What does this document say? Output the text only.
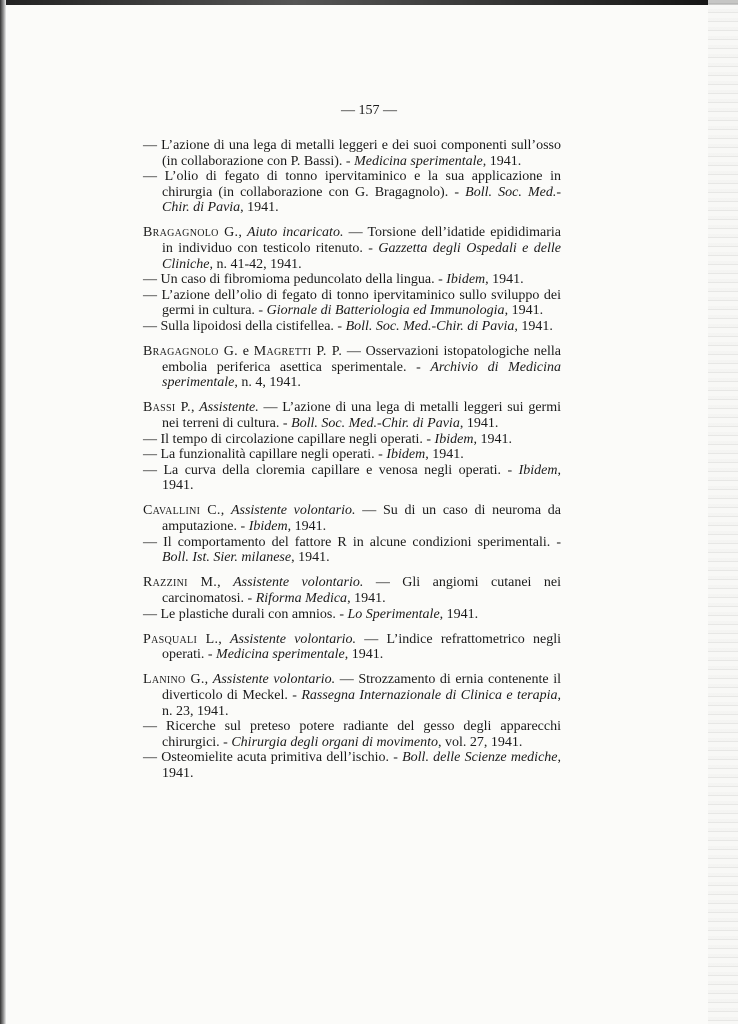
— 157 —
— L’azione di una lega di metalli leggeri e dei suoi componenti sull’osso (in collaborazione con P. Bassi). - Medicina sperimentale, 1941.
— L’olio di fegato di tonno ipervitaminico e la sua applicazione in chirurgia (in collaborazione con G. Bragagnolo). - Boll. Soc. Med.-Chir. di Pavia, 1941.
Bragagnolo G., Aiuto incaricato. — Torsione dell’idatide epididimaria in individuo con testicolo ritenuto. - Gazzetta degli Ospedali e delle Cliniche, n. 41-42, 1941.
— Un caso di fibromioma peduncolato della lingua. - Ibidem, 1941.
— L’azione dell’olio di fegato di tonno ipervitaminico sullo sviluppo dei germi in cultura. - Giornale di Batteriologia ed Immunologia, 1941.
— Sulla lipoidosi della cistifellea. - Boll. Soc. Med.-Chir. di Pavia, 1941.
Bragagnolo G. e Magretti P. P. — Osservazioni istopatologiche nella embolia periferica asettica sperimentale. - Archivio di Medicina sperimentale, n. 4, 1941.
Bassi P., Assistente. — L’azione di una lega di metalli leggeri sui germi nei terreni di cultura. - Boll. Soc. Med.-Chir. di Pavia, 1941.
— Il tempo di circolazione capillare negli operati. - Ibidem, 1941.
— La funzionalità capillare negli operati. - Ibidem, 1941.
— La curva della cloremia capillare e venosa negli operati. - Ibidem, 1941.
Cavallini C., Assistente volontario. — Su di un caso di neuroma da amputazione. - Ibidem, 1941.
— Il comportamento del fattore R in alcune condizioni sperimentali. - Boll. Ist. Sier. milanese, 1941.
Razzini M., Assistente volontario. — Gli angiomi cutanei nei carcinomatosi. - Riforma Medica, 1941.
— Le plastiche durali con amnios. - Lo Sperimentale, 1941.
Pasquali L., Assistente volontario. — L’indice refrattometrico negli operati. - Medicina sperimentale, 1941.
Lanino G., Assistente volontario. — Strozzamento di ernia contenente il diverticolo di Meckel. - Rassegna Internazionale di Clinica e terapia, n. 23, 1941.
— Ricerche sul preteso potere radiante del gesso degli apparecchi chirurgici. - Chirurgia degli organi di movimento, vol. 27, 1941.
— Osteomielite acuta primitiva dell’ischio. - Boll. delle Scienze mediche, 1941.
